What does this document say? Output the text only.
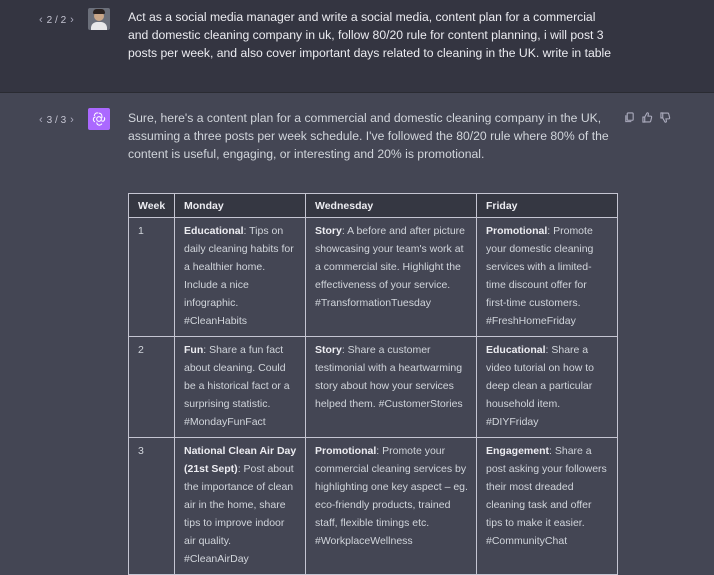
‹ 2 / 2 ›	Act as a social media manager and write a social media, content plan for a commercial and domestic cleaning company in uk, follow 80/20 rule for content planning, i will post 3 posts per week, and also cover important days related to cleaning in the UK. write in table
‹ 3 / 3 ›	Sure, here's a content plan for a commercial and domestic cleaning company in the UK, assuming a three posts per week schedule. I've followed the 80/20 rule where 80% of the content is useful, engaging, or interesting and 20% is promotional.
Week	Monday	Wednesday	Friday
1	Educational: Tips on daily cleaning habits for a healthier home. Include a nice infographic. #CleanHabits	Story: A before and after picture showcasing your team's work at a commercial site. Highlight the effectiveness of your service. #TransformationTuesday	Promotional: Promote your domestic cleaning services with a limited-time discount offer for first-time customers. #FreshHomeFriday
2	Fun: Share a fun fact about cleaning. Could be a historical fact or a surprising statistic. #MondayFunFact	Story: Share a customer testimonial with a heartwarming story about how your services helped them. #CustomerStories	Educational: Share a video tutorial on how to deep clean a particular household item. #DIYFriday
3	National Clean Air Day (21st Sept): Post about the importance of clean air in the home, share tips to improve indoor air quality. #CleanAirDay	Promotional: Promote your commercial cleaning services by highlighting one key aspect – eg. eco-friendly products, trained staff, flexible timings etc. #WorkplaceWellness	Engagement: Share a post asking your followers their most dreaded cleaning task and offer tips to make it easier. #CommunityChat
